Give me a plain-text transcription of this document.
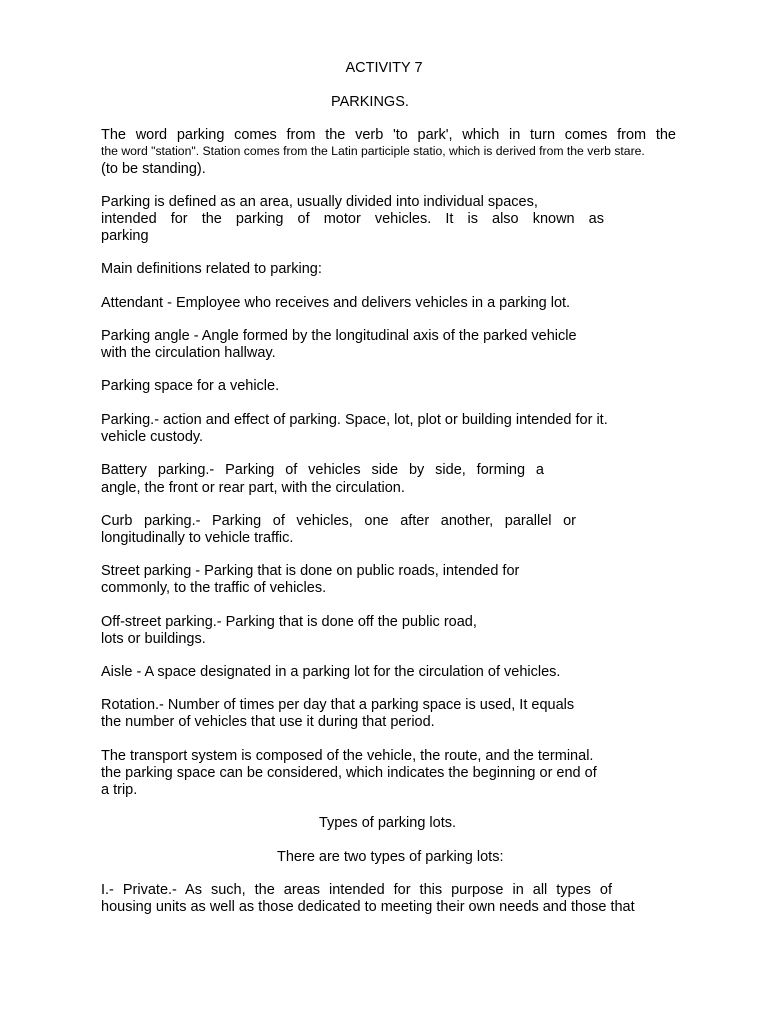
ACTIVITY 7
PARKINGS.
The word parking comes from the verb 'to park', which in turn comes from the
the word "station". Station comes from the Latin participle statio, which is derived from the verb stare.
(to be standing).
Parking is defined as an area, usually divided into individual spaces,
intended for the parking of motor vehicles. It is also known as
parking
Main definitions related to parking:
Attendant - Employee who receives and delivers vehicles in a parking lot.
Parking angle - Angle formed by the longitudinal axis of the parked vehicle
with the circulation hallway.
Parking space for a vehicle.
Parking.- action and effect of parking. Space, lot, plot or building intended for it.
vehicle custody.
Battery parking.- Parking of vehicles side by side, forming a
angle, the front or rear part, with the circulation.
Curb parking.- Parking of vehicles, one after another, parallel or
longitudinally to vehicle traffic.
Street parking - Parking that is done on public roads, intended for
commonly, to the traffic of vehicles.
Off-street parking.- Parking that is done off the public road,
lots or buildings.
Aisle - A space designated in a parking lot for the circulation of vehicles.
Rotation.- Number of times per day that a parking space is used, It equals
the number of vehicles that use it during that period.
The transport system is composed of the vehicle, the route, and the terminal.
the parking space can be considered, which indicates the beginning or end of
a trip.
Types of parking lots.
There are two types of parking lots:
I.- Private.- As such, the areas intended for this purpose in all types of
housing units as well as those dedicated to meeting their own needs and those that
